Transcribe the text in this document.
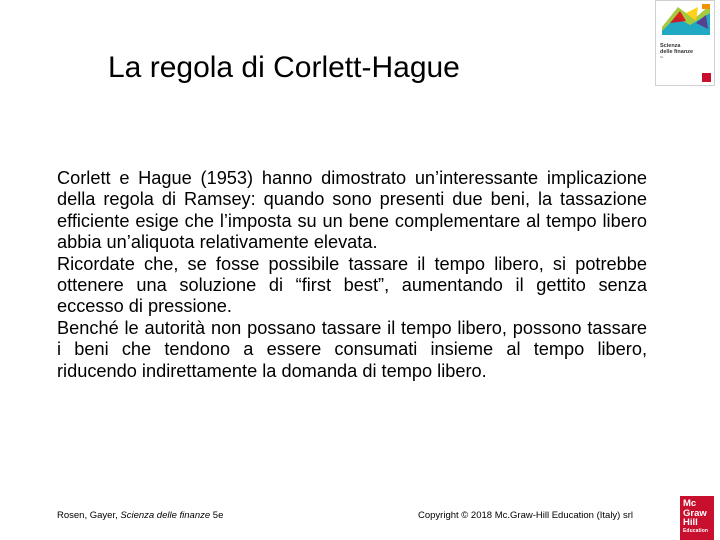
La regola di Corlett-Hague

Corlett e Hague (1953) hanno dimostrato un’interessante implicazione della regola di Ramsey: quando sono presenti due beni, la tassazione efficiente esige che l’imposta su un bene complementare al tempo libero abbia un’aliquota relativamente elevata.

Ricordate che, se fosse possibile tassare il tempo libero, si potrebbe ottenere una soluzione di “first best”, aumentando il gettito senza eccesso di pressione.

Benché le autorità non possano tassare il tempo libero, possono tassare i beni che tendono a essere consumati insieme al tempo libero, riducendo indirettamente la domanda di tempo libero.

Rosen, Gayer, Scienza delle finanze 5e	Copyright © 2018 Mc.Graw-Hill Education (Italy) srl
Scienza
delle finanze
5e
Mc
Graw
Hill
Education
